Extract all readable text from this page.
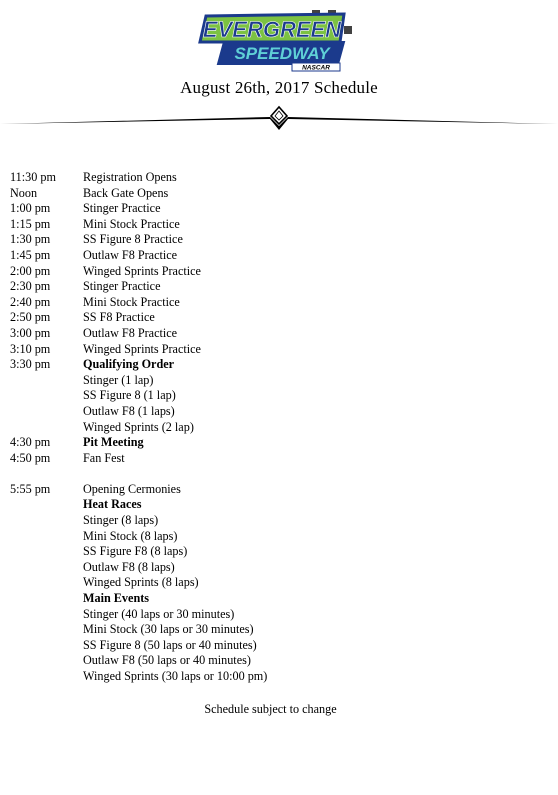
EVERGREEN
SPEEDWAY
NASCAR
August 26th, 2017 Schedule
11:30 pm	Registration Opens
Noon	Back Gate Opens
1:00 pm	Stinger Practice
1:15 pm	Mini Stock Practice
1:30 pm	SS Figure 8 Practice
1:45 pm	Outlaw F8 Practice
2:00 pm	Winged Sprints Practice
2:30 pm	Stinger Practice
2:40 pm	Mini Stock Practice
2:50 pm	SS F8 Practice
3:00 pm	Outlaw F8 Practice
3:10 pm	Winged Sprints Practice
3:30 pm	Qualifying Order
Stinger (1 lap)
SS Figure 8 (1 lap)
Outlaw F8 (1 laps)
Winged Sprints (2 lap)
4:30 pm	Pit Meeting
4:50 pm	Fan Fest
5:55 pm	Opening Cermonies
Heat Races
Stinger (8 laps)
Mini Stock (8 laps)
SS Figure F8 (8 laps)
Outlaw F8 (8 laps)
Winged Sprints (8 laps)
Main Events
Stinger (40 laps or 30 minutes)
Mini Stock (30 laps or 30 minutes)
SS Figure 8 (50 laps or 40 minutes)
Outlaw F8 (50 laps or 40 minutes)
Winged Sprints (30 laps or 10:00 pm)
Schedule subject to change
